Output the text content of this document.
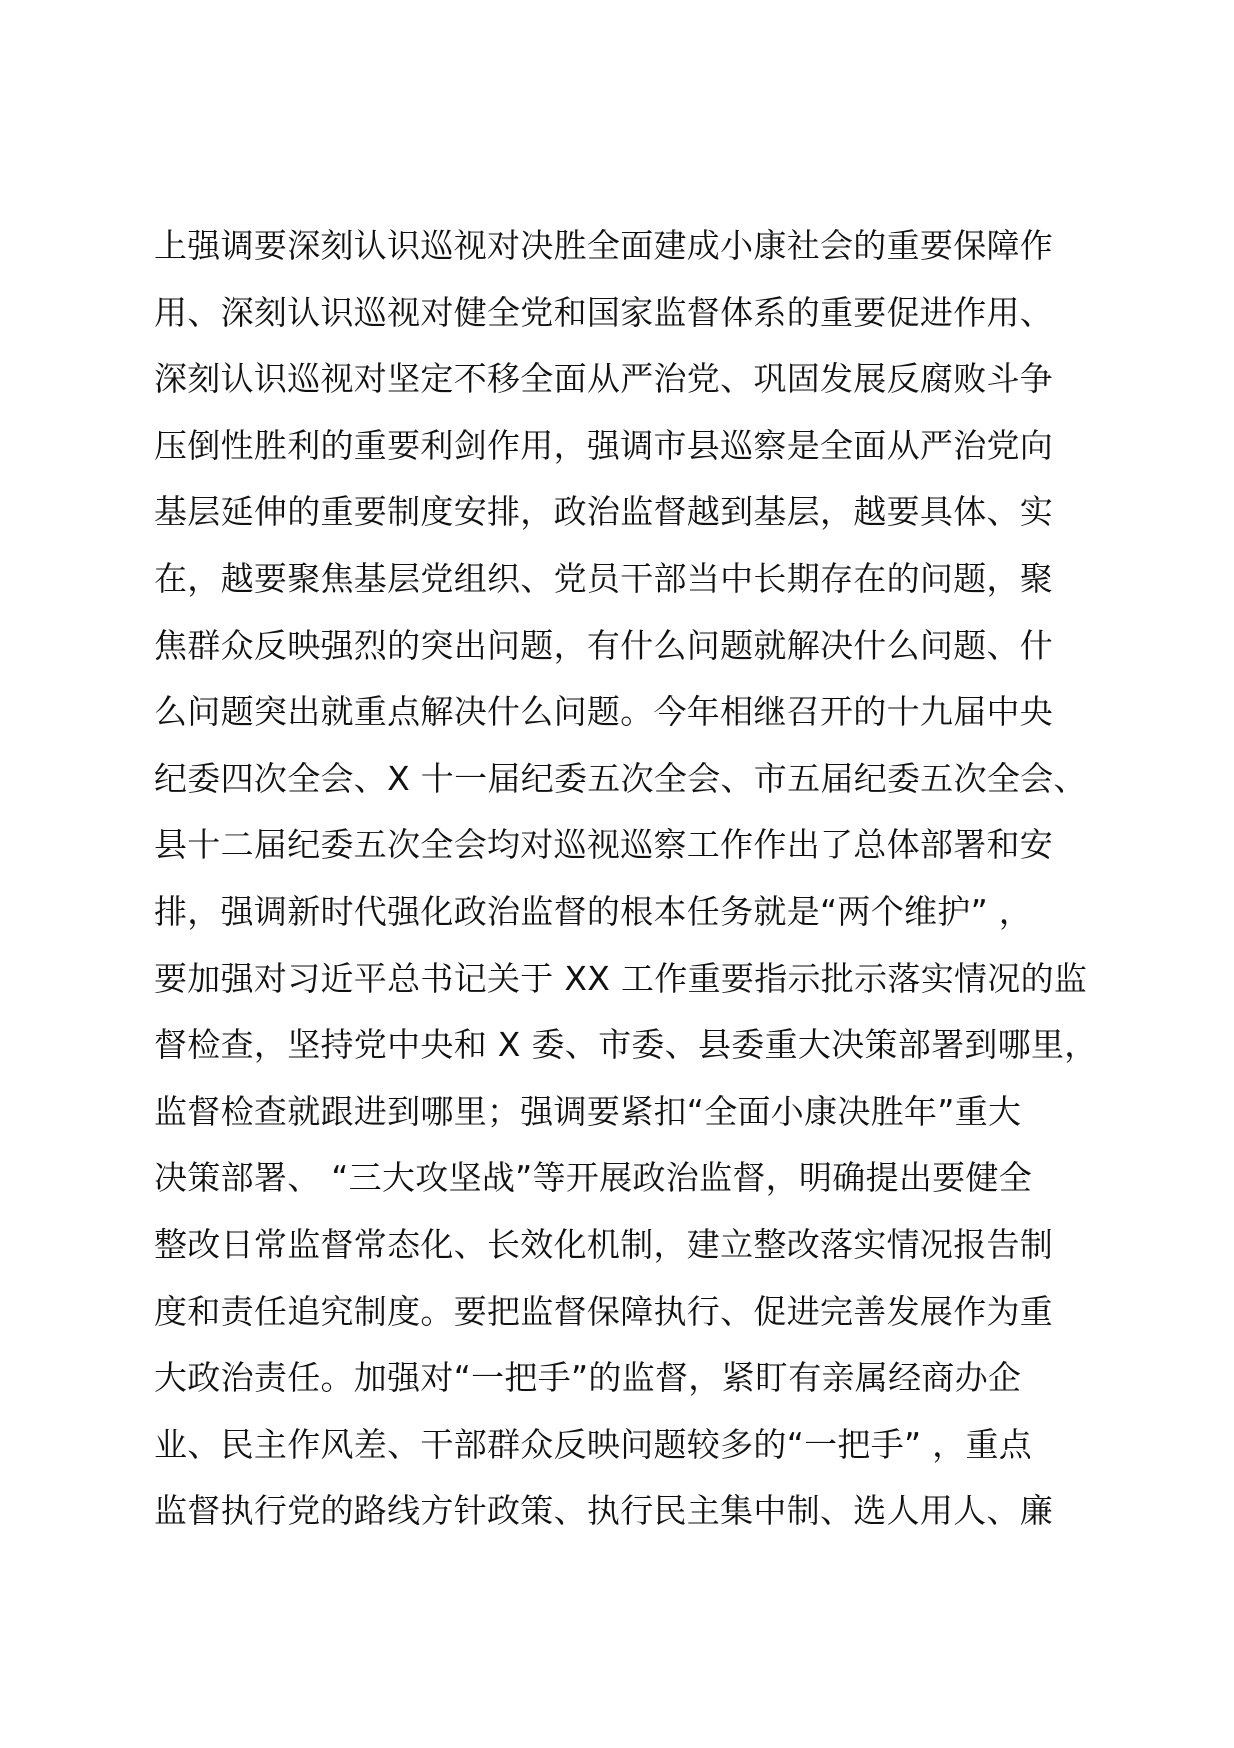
上强调要深刻认识巡视对决胜全面建成小康社会的重要保障作
用、深刻认识巡视对健全党和国家监督体系的重要促进作用、
深刻认识巡视对坚定不移全面从严治党、巩固发展反腐败斗争
压倒性胜利的重要利剑作用，强调市县巡察是全面从严治党向
基层延伸的重要制度安排，政治监督越到基层，越要具体、实
在，越要聚焦基层党组织、党员干部当中长期存在的问题，聚
焦群众反映强烈的突出问题，有什么问题就解决什么问题、什
么问题突出就重点解决什么问题。今年相继召开的十九届中央
纪委四次全会、X 十一届纪委五次全会、市五届纪委五次全会、
县十二届纪委五次全会均对巡视巡察工作作出了总体部署和安
排，强调新时代强化政治监督的根本任务就是“两个维护” ，
要加强对习近平总书记关于 XX 工作重要指示批示落实情况的监
督检查，坚持党中央和 X 委、市委、县委重大决策部署到哪里，
监督检查就跟进到哪里；强调要紧扣“全面小康决胜年”重大
决策部署、 “三大攻坚战”等开展政治监督，明确提出要健全
整改日常监督常态化、长效化机制，建立整改落实情况报告制
度和责任追究制度。要把监督保障执行、促进完善发展作为重
大政治责任。加强对“一把手”的监督，紧盯有亲属经商办企
业、民主作风差、干部群众反映问题较多的“一把手” ，重点
监督执行党的路线方针政策、执行民主集中制、选人用人、廉
